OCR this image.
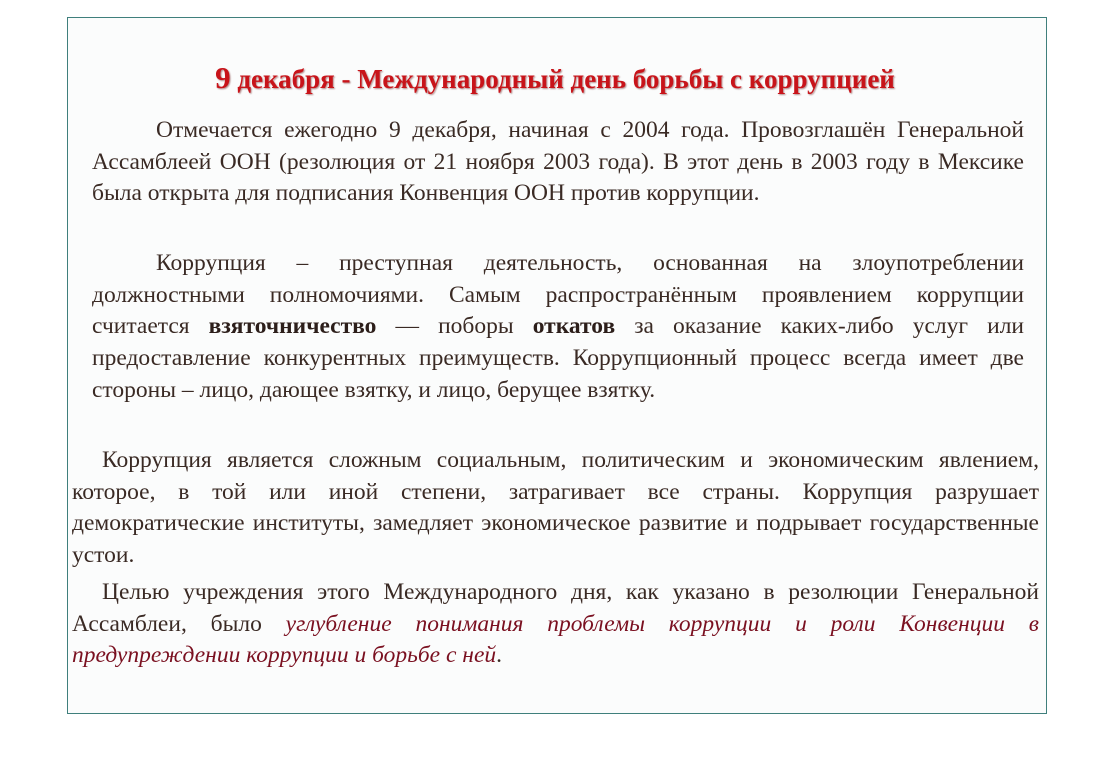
9 декабря - Международный день борьбы с коррупцией

Отмечается ежегодно 9 декабря, начиная с 2004 года. Провозглашён Генеральной Ассамблеей ООН (резолюция от 21 ноября 2003 года). В этот день в 2003 году в Мексике была открыта для подписания Конвенция ООН против коррупции.

Коррупция – преступная деятельность, основанная на злоупотреблении должностными полномочиями. Самым распространённым проявлением коррупции считается взяточничество — поборы откатов за оказание каких-либо услуг или предоставление конкурентных преимуществ. Коррупционный процесс всегда имеет две стороны – лицо, дающее взятку, и лицо, берущее взятку.

Коррупция является сложным социальным, политическим и экономическим явлением, которое, в той или иной степени, затрагивает все страны. Коррупция разрушает демократические институты, замедляет экономическое развитие и подрывает государственные устои.

Целью учреждения этого Международного дня, как указано в резолюции Генеральной Ассамблеи, было углубление понимания проблемы коррупции и роли Конвенции в предупреждении коррупции и борьбе с ней.
